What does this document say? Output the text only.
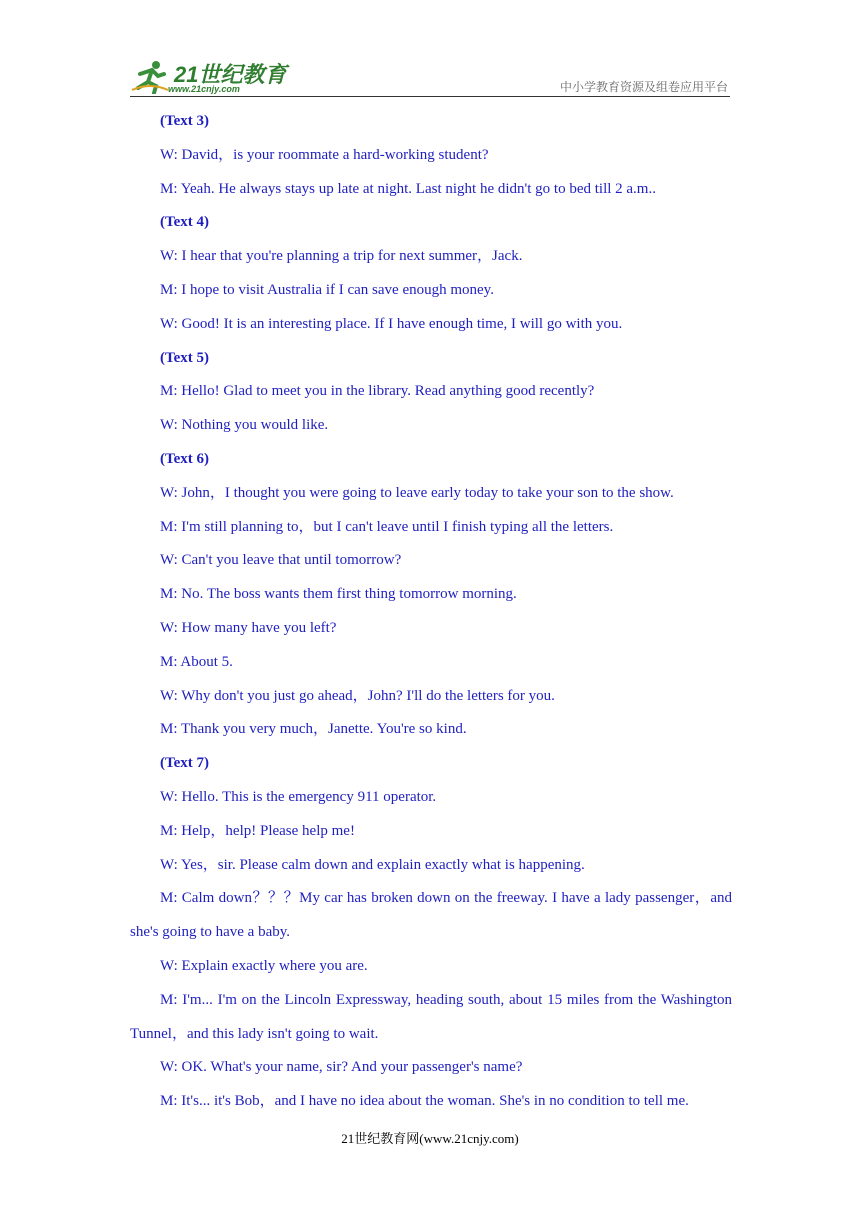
21世纪教育
www.21cnjy.com	中小学教育资源及组卷应用平台

(Text 3)

W: David，is your roommate a hard-working student?

M: Yeah. He always stays up late at night. Last night he didn't go to bed till 2 a.m..

(Text 4)

W: I hear that you're planning a trip for next summer，Jack.

M: I hope to visit Australia if I can save enough money.

W: Good! It is an interesting place. If I have enough time, I will go with you.

(Text 5)

M: Hello! Glad to meet you in the library. Read anything good recently?

W: Nothing you would like.

(Text 6)

W: John，I thought you were going to leave early today to take your son to the show.

M: I'm still planning to，but I can't leave until I finish typing all the letters.

W: Can't you leave that until tomorrow?

M: No. The boss wants them first thing tomorrow morning.

W: How many have you left?

M: About 5.

W: Why don't you just go ahead，John? I'll do the letters for you.

M: Thank you very much，Janette. You're so kind.

(Text 7)

W: Hello. This is the emergency 911 operator.

M: Help，help! Please help me!

W: Yes，sir. Please calm down and explain exactly what is happening.

M: Calm down？？？My car has broken down on the freeway. I have a lady passenger，and she's going to have a baby.

W: Explain exactly where you are.

M: I'm... I'm on the Lincoln Expressway, heading south, about 15 miles from the Washington Tunnel，and this lady isn't going to wait.

W: OK. What's your name, sir? And your passenger's name?

M: It's... it's Bob，and I have no idea about the woman. She's in no condition to tell me.

21世纪教育网(www.21cnjy.com)
